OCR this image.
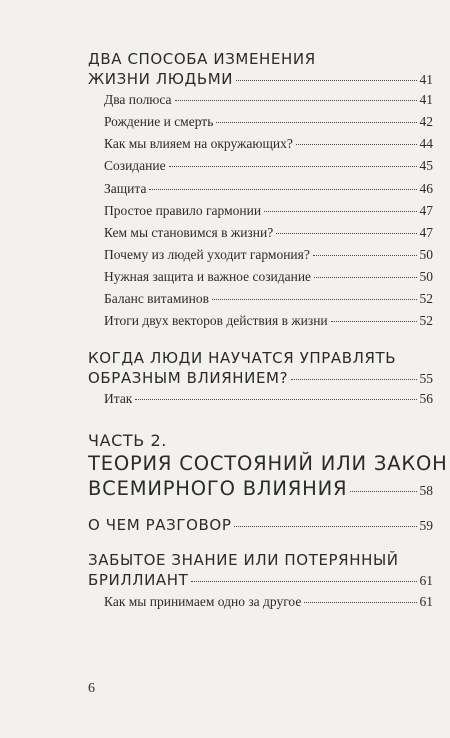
ДВА СПОСОБА ИЗМЕНЕНИЯ
ЖИЗНИ ЛЮДЬМИ	41
Два полюса	41
Рождение и смерть	42
Как мы влияем на окружающих?	44
Созидание	45
Защита	46
Простое правило гармонии	47
Кем мы становимся в жизни?	47
Почему из людей уходит гармония?	50
Нужная защита и важное созидание	50
Баланс витаминов	52
Итоги двух векторов действия в жизни	52
КОГДА ЛЮДИ НАУЧАТСЯ УПРАВЛЯТЬ
ОБРАЗНЫМ ВЛИЯНИЕМ?	55
Итак	56
ЧАСТЬ 2.
ТЕОРИЯ СОСТОЯНИЙ ИЛИ ЗАКОН
ВСЕМИРНОГО ВЛИЯНИЯ	58
О ЧЕМ РАЗГОВОР	59
ЗАБЫТОЕ ЗНАНИЕ ИЛИ ПОТЕРЯННЫЙ
БРИЛЛИАНТ	61
Как мы принимаем одно за другое	61
6
